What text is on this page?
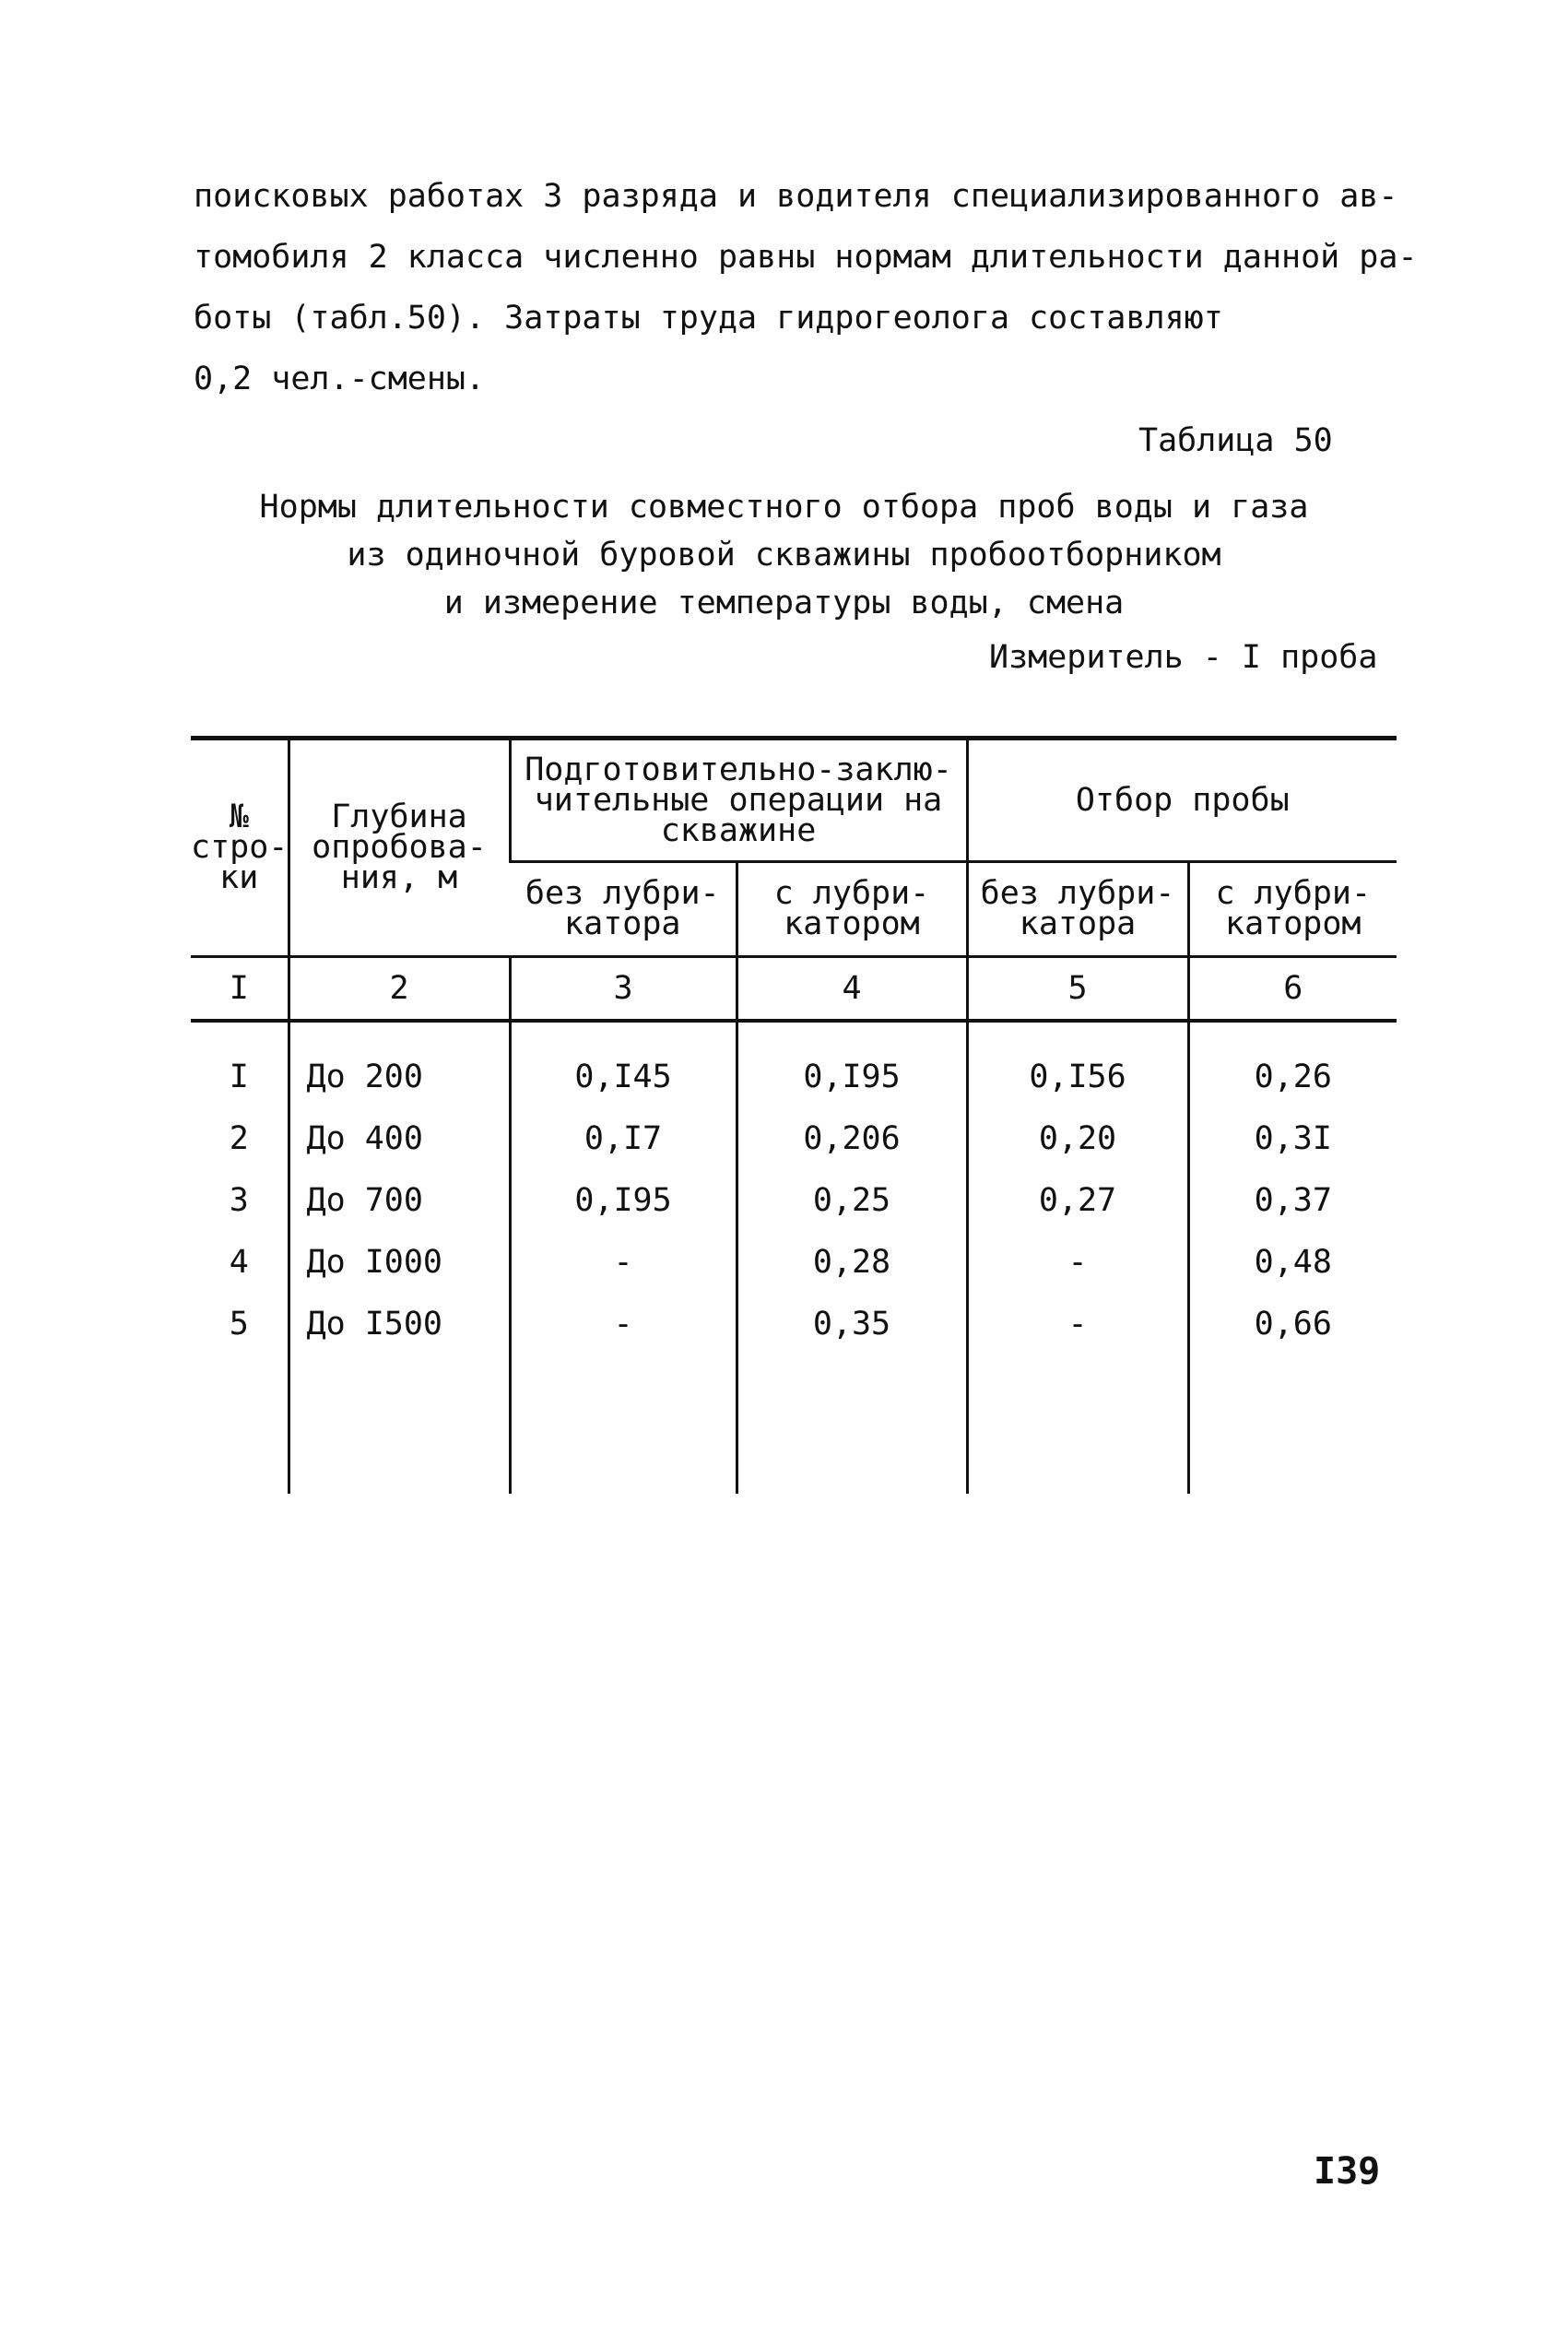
поисковых работах 3 разряда и водителя специализированного ав-
томобиля 2 класса численно равны нормам длительности данной ра-
боты (табл.50). Затраты труда гидрогеолога составляют
0,2 чел.-смены.
Таблица 50
Нормы длительности совместного отбора проб воды и газа
из одиночной буровой скважины пробоотборником
и измерение температуры воды, смена
Измеритель - I проба
№ стро- ки	Глубина опробова- ния, м	Подготовительно-заклю- чительные операции на скважине		Отбор пробы	
		без лубри- катора	с лубри- катором	без лубри- катора	с лубри- катором
I	2	3	4	5	6
I	До 200	0,I45	0,I95	0,I56	0,26
2	До 400	0,I7	0,206	0,20	0,3I
3	До 700	0,I95	0,25	0,27	0,37
4	До I000	-	0,28	-	0,48
5	До I500	-	0,35	-	0,66

I39
